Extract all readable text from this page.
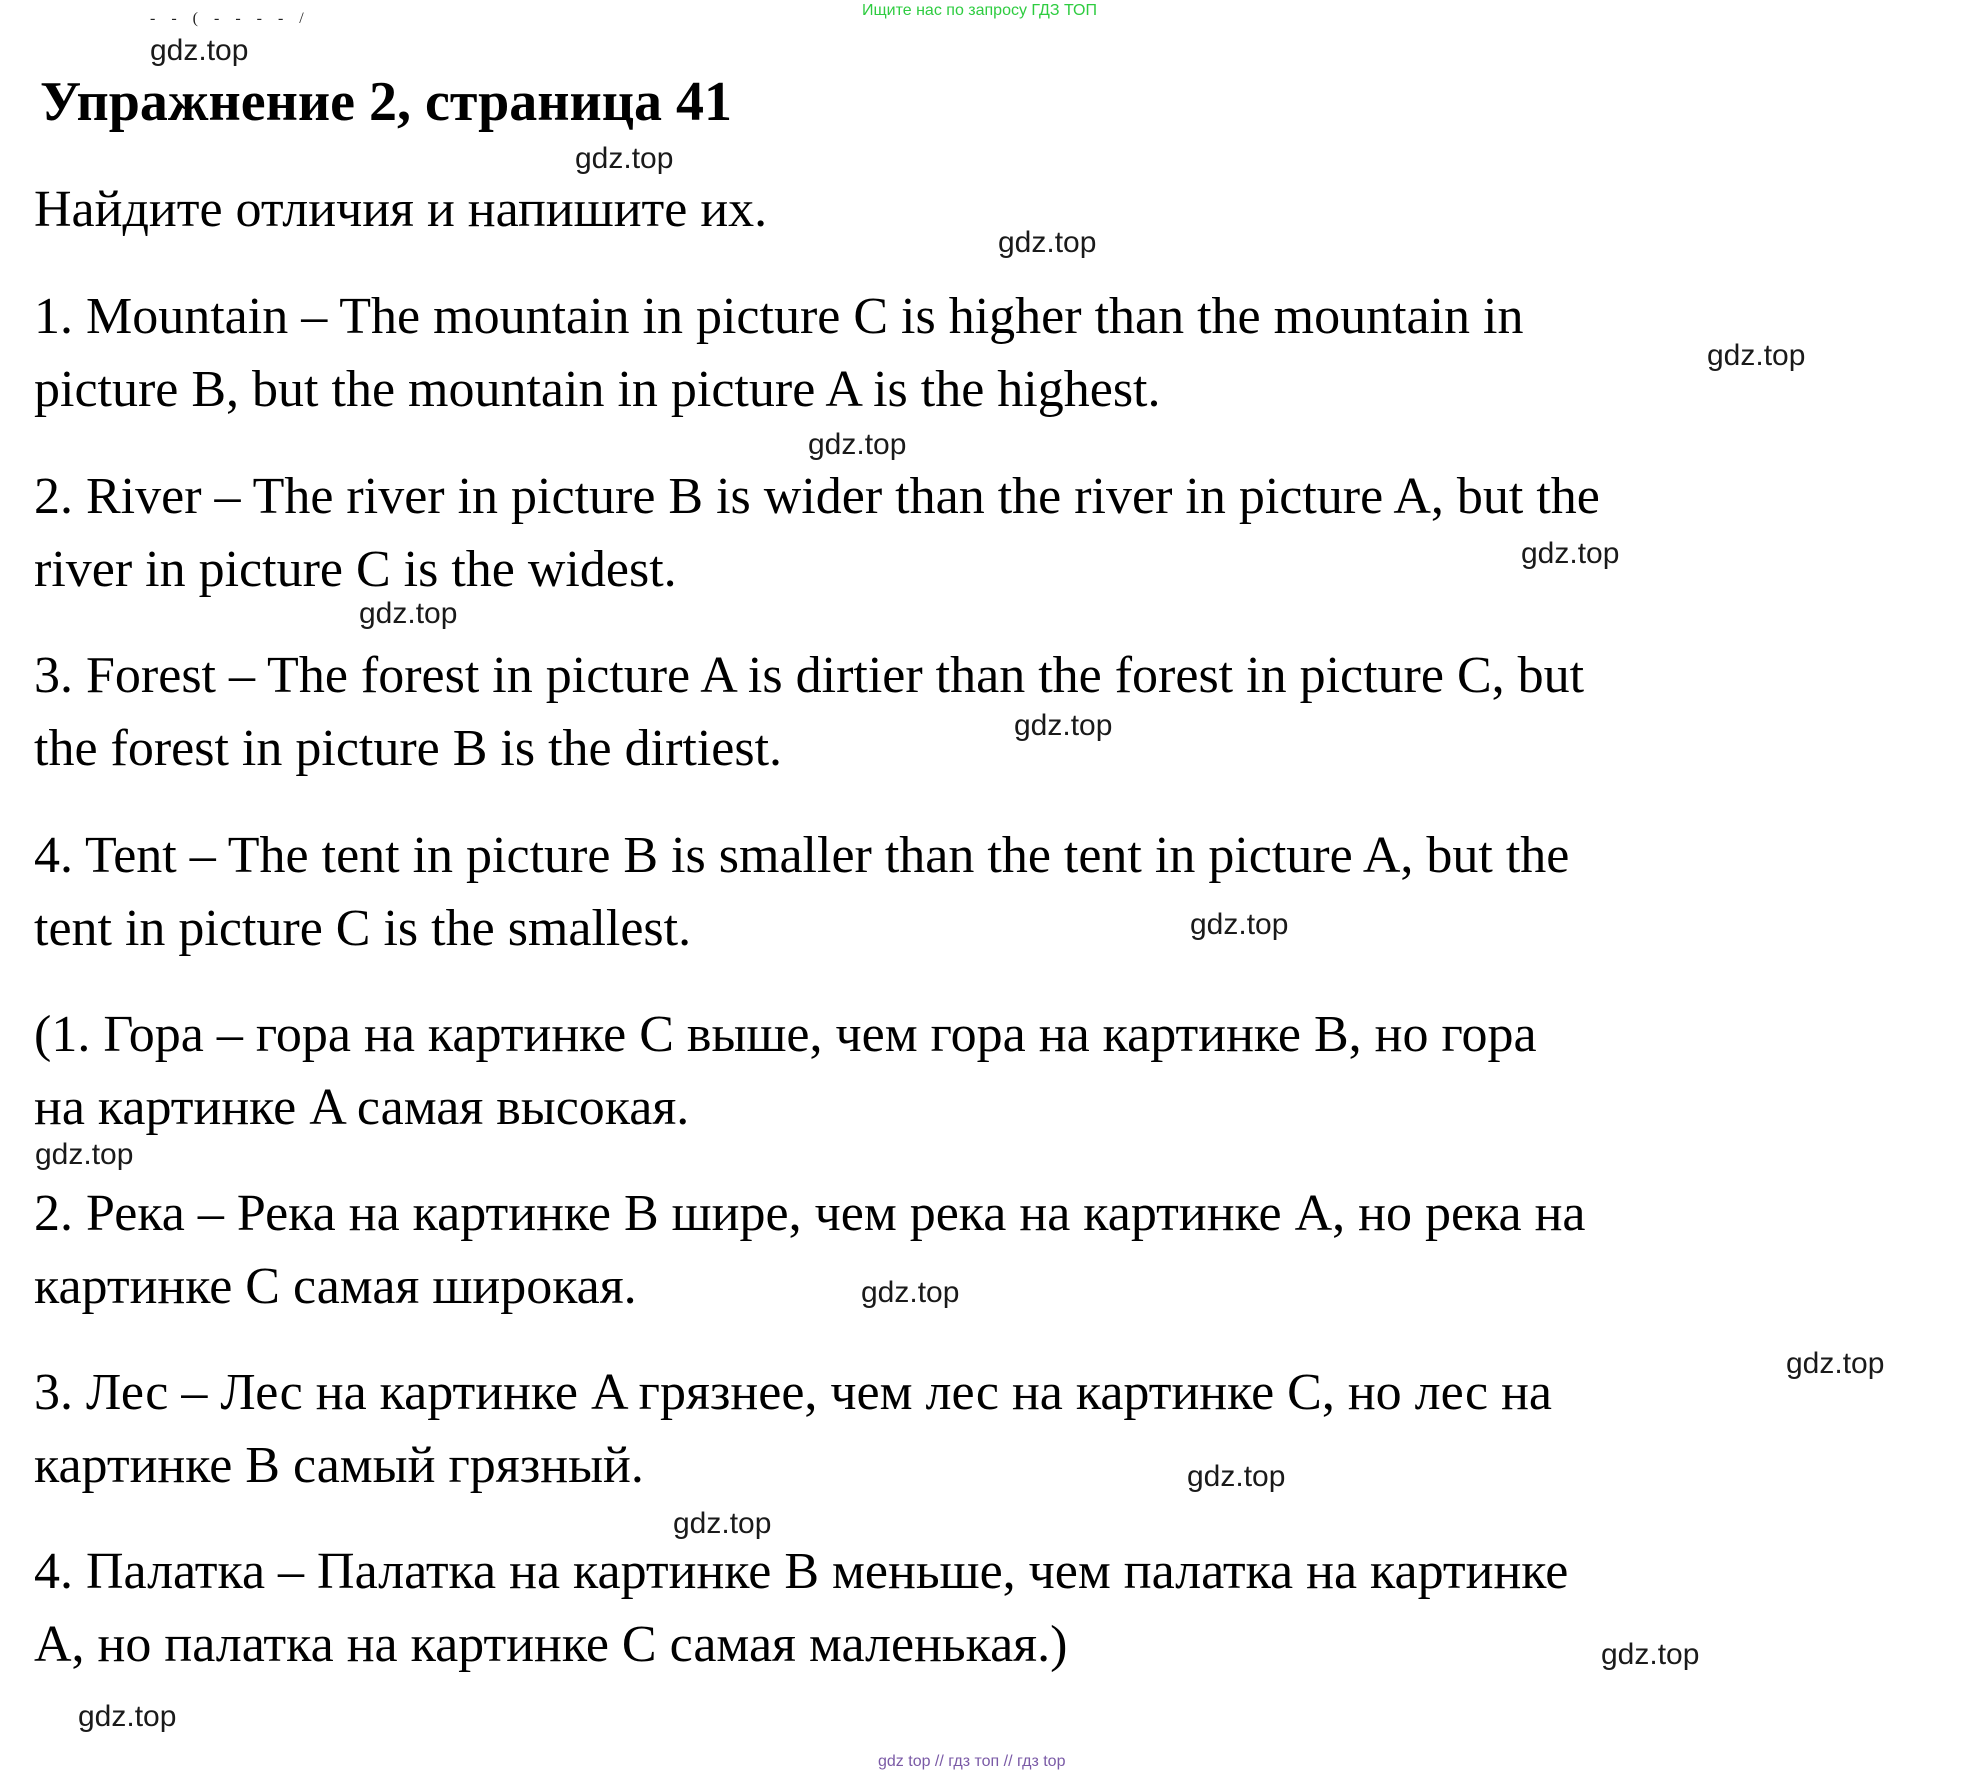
Ищите нас по запросу ГДЗ ТОП
- - ( - - - - /
Упражнение 2, страница 41

Найдите отличия и напишите их.

1. Mountain – The mountain in picture C is higher than the mountain in

picture B, but the mountain in picture A is the highest.

2. River – The river in picture B is wider than the river in picture A, but the

river in picture C is the widest.

3. Forest – The forest in picture A is dirtier than the forest in picture C, but

the forest in picture B is the dirtiest.

4. Tent – The tent in picture B is smaller than the tent in picture A, but the

tent in picture C is the smallest.

(1. Гора – гора на картинке C выше, чем гора на картинке B, но гора

на картинке A самая высокая.

2. Река – Река на картинке B шире, чем река на картинке A, но река на

картинке C самая широкая.

3. Лес – Лес на картинке A грязнее, чем лес на картинке C, но лес на

картинке B самый грязный.

4. Палатка – Палатка на картинке B меньше, чем палатка на картинке

A, но палатка на картинке C самая маленькая.)

gdz.top
gdz.top
gdz.top
gdz.top
gdz.top
gdz.top
gdz.top
gdz.top
gdz.top
gdz.top
gdz.top
gdz.top
gdz.top
gdz.top
gdz.top
gdz.top
gdz top // гдз топ // гдз top
